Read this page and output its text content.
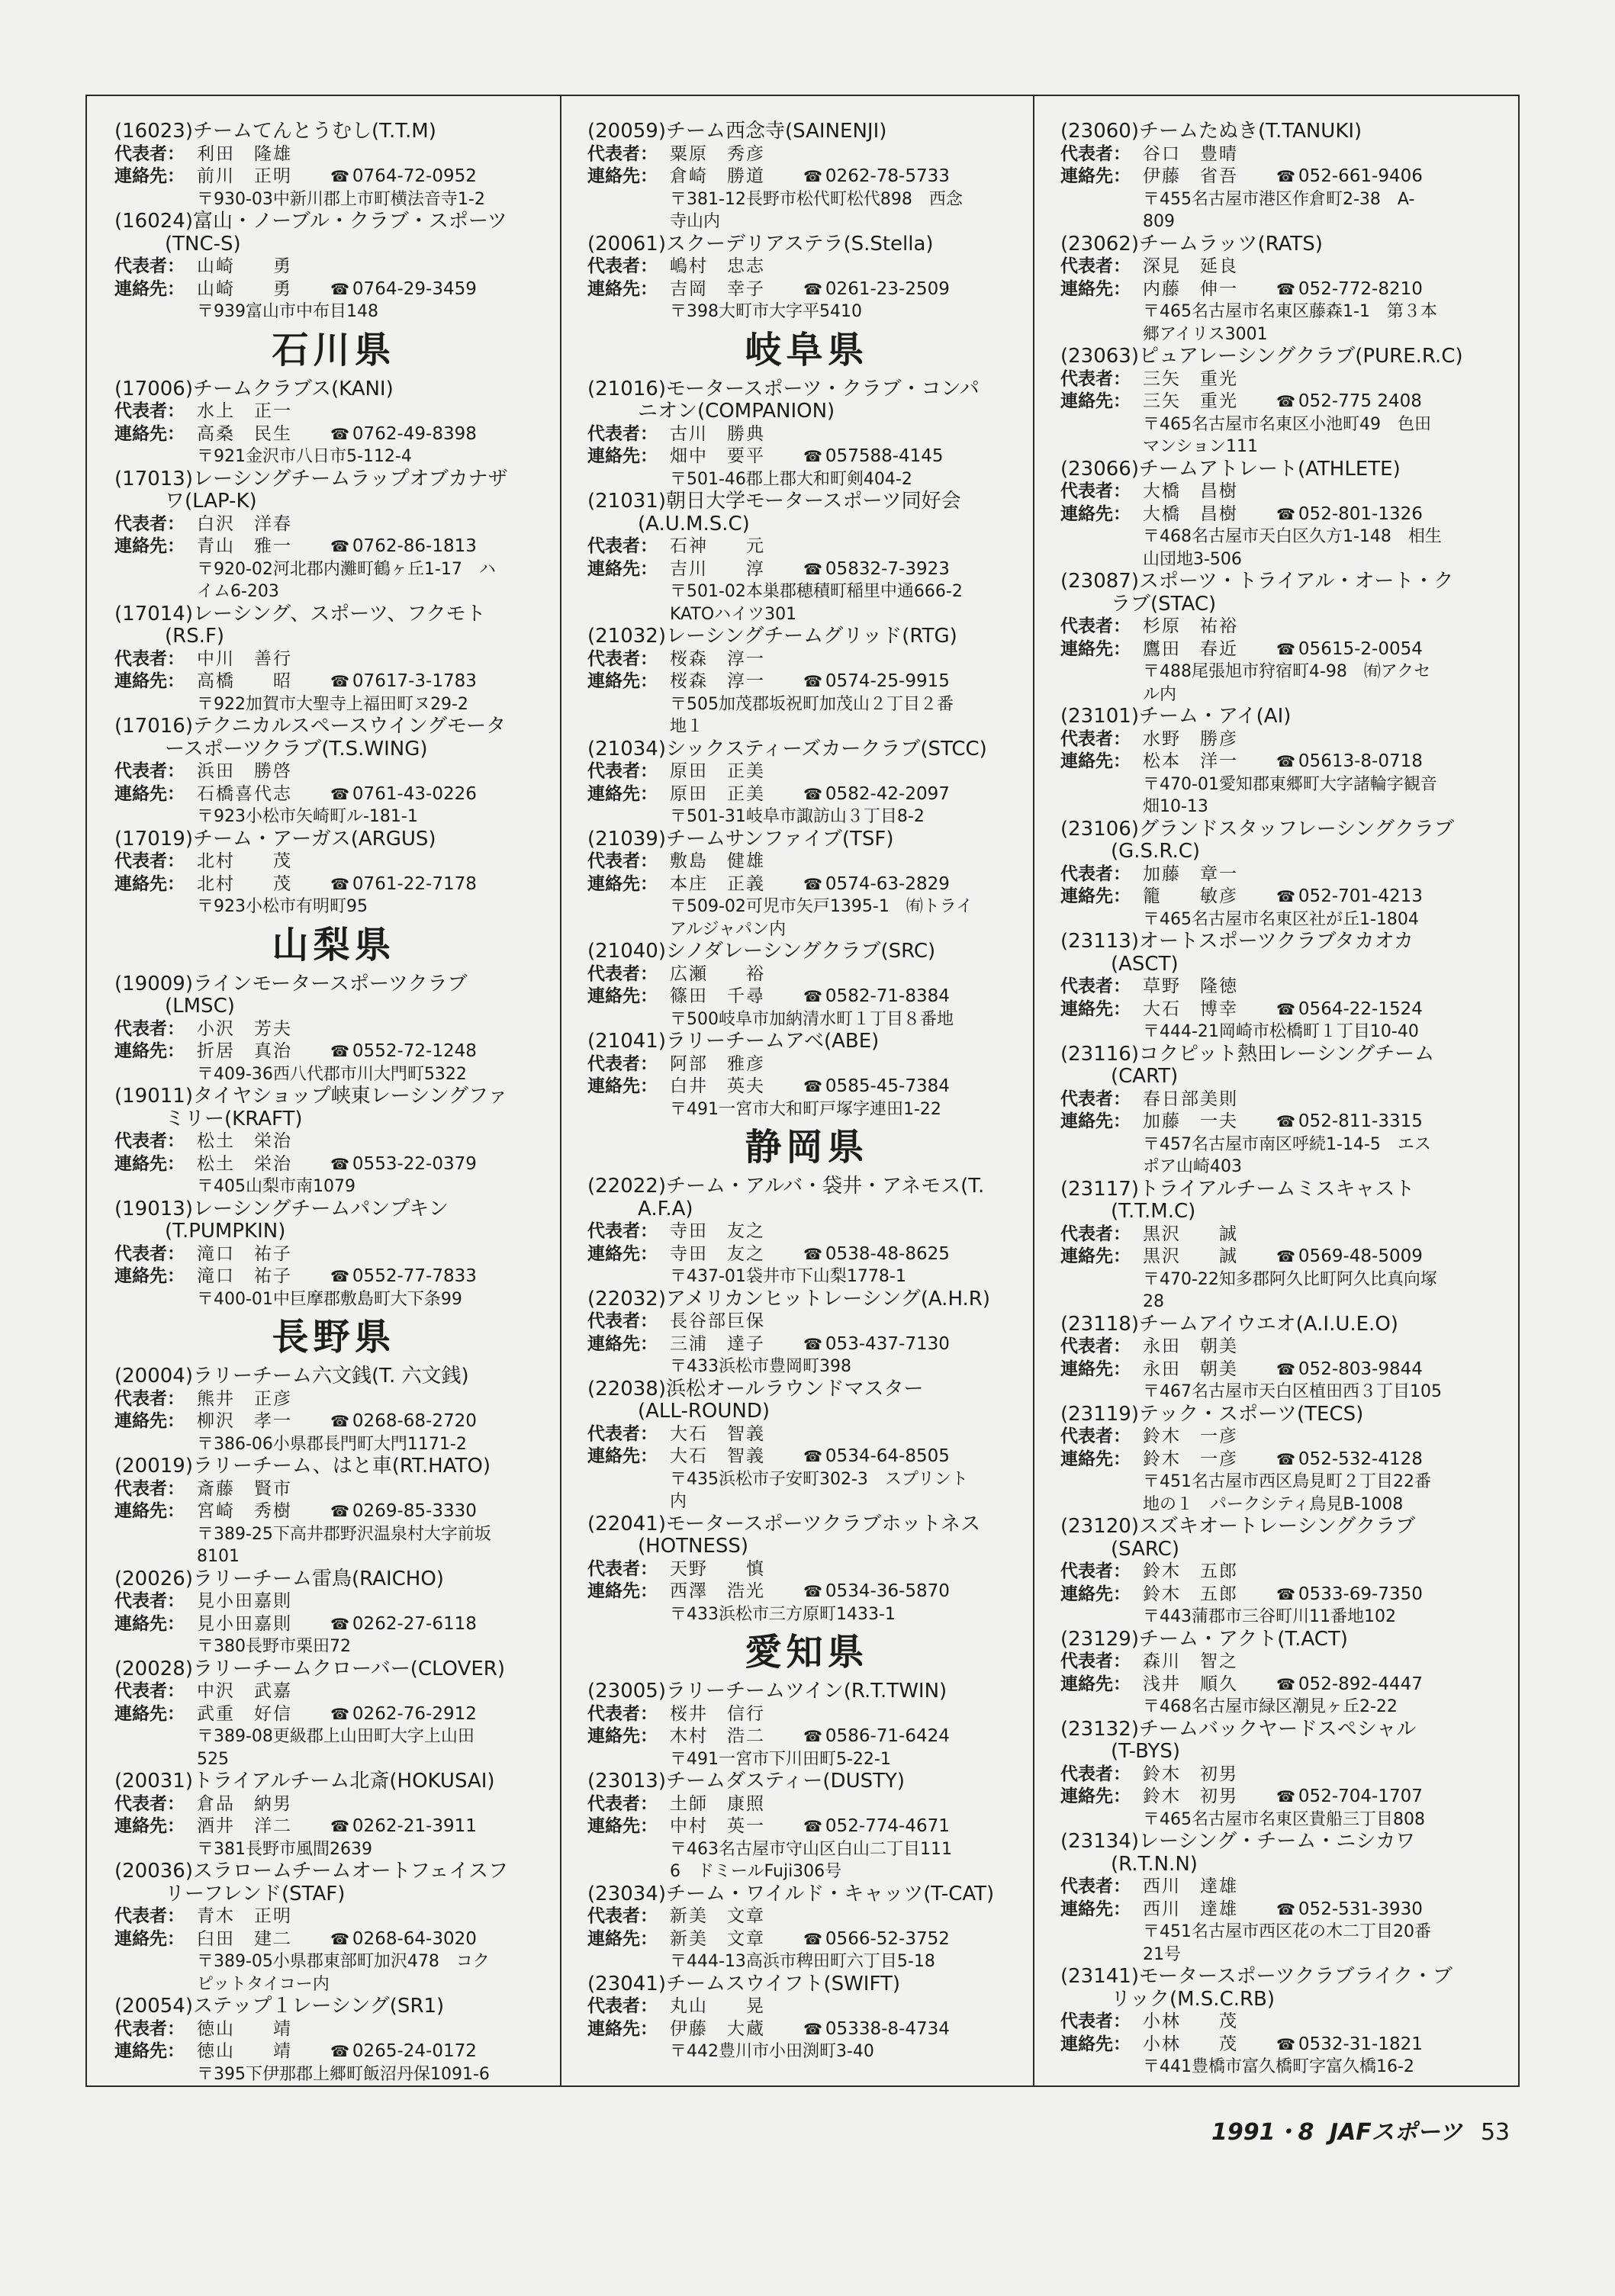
(16023)チームてんとうむし(T.T.M)
代表者： 利田　隆雄
連絡先： 前川　正明	☎ 0764-72-0952
〒930-03中新川郡上市町横法音寺1-2
(16024)富山・ノーブル・クラブ・スポーツ
(TNC-S)
代表者： 山崎　　勇
連絡先： 山崎　　勇	☎ 0764-29-3459
〒939富山市中布目148
石川県
(17006)チームクラブス(KANI)
代表者： 水上　正一
連絡先： 高桑　民生	☎ 0762-49-8398
〒921金沢市八日市5-112-4
(17013)レーシングチームラップオブカナザ
ワ(LAP-K)
代表者： 白沢　洋春
連絡先： 青山　雅一	☎ 0762-86-1813
〒920-02河北郡内灘町鶴ヶ丘1-17　ハ
イム6-203
(17014)レーシング、スポーツ、フクモト
(RS.F)
代表者： 中川　善行
連絡先： 高橋　　昭	☎ 07617-3-1783
〒922加賀市大聖寺上福田町ヌ29-2
(17016)テクニカルスペースウイングモータ
ースポーツクラブ(T.S.WING)
代表者： 浜田　勝啓
連絡先： 石橋喜代志	☎ 0761-43-0226
〒923小松市矢崎町ル-181-1
(17019)チーム・アーガス(ARGUS)
代表者： 北村　　茂
連絡先： 北村　　茂	☎ 0761-22-7178
〒923小松市有明町95
山梨県
(19009)ラインモータースポーツクラブ
(LMSC)
代表者： 小沢　芳夫
連絡先： 折居　真治	☎ 0552-72-1248
〒409-36西八代郡市川大門町5322
(19011)タイヤショップ峡東レーシングファ
ミリー(KRAFT)
代表者： 松土　栄治
連絡先： 松土　栄治	☎ 0553-22-0379
〒405山梨市南1079
(19013)レーシングチームパンプキン
(T.PUMPKIN)
代表者： 滝口　祐子
連絡先： 滝口　祐子	☎ 0552-77-7833
〒400-01中巨摩郡敷島町大下条99
長野県
(20004)ラリーチーム六文銭(T. 六文銭)
代表者： 熊井　正彦
連絡先： 柳沢　孝一	☎ 0268-68-2720
〒386-06小県郡長門町大門1171-2
(20019)ラリーチーム、はと車(RT.HATO)
代表者： 斎藤　賢市
連絡先： 宮崎　秀樹	☎ 0269-85-3330
〒389-25下高井郡野沢温泉村大字前坂
8101
(20026)ラリーチーム雷鳥(RAICHO)
代表者： 見小田嘉則
連絡先： 見小田嘉則	☎ 0262-27-6118
〒380長野市栗田72
(20028)ラリーチームクローバー(CLOVER)
代表者： 中沢　武嘉
連絡先： 武重　好信	☎ 0262-76-2912
〒389-08更級郡上山田町大字上山田
525
(20031)トライアルチーム北斎(HOKUSAI)
代表者： 倉品　納男
連絡先： 酒井　洋二	☎ 0262-21-3911
〒381長野市風間2639
(20036)スラロームチームオートフェイスフ
リーフレンド(STAF)
代表者： 青木　正明
連絡先： 臼田　建二	☎ 0268-64-3020
〒389-05小県郡東部町加沢478　コク
ピットタイコー内
(20054)ステップ１レーシング(SR1)
代表者： 徳山　　靖
連絡先： 徳山　　靖	☎ 0265-24-0172
〒395下伊那郡上郷町飯沼丹保1091-6
(20059)チーム西念寺(SAINENJI)
代表者： 粟原　秀彦
連絡先： 倉崎　勝道	☎ 0262-78-5733
〒381-12長野市松代町松代898　西念
寺山内
(20061)スクーデリアステラ(S.Stella)
代表者： 嶋村　忠志
連絡先： 吉岡　幸子	☎ 0261-23-2509
〒398大町市大字平5410
岐阜県
(21016)モータースポーツ・クラブ・コンパ
ニオン(COMPANION)
代表者： 古川　勝典
連絡先： 畑中　要平	☎ 057588-4145
〒501-46郡上郡大和町剣404-2
(21031)朝日大学モータースポーツ同好会
(A.U.M.S.C)
代表者： 石神　　元
連絡先： 吉川　　淳	☎ 05832-7-3923
〒501-02本巣郡穂積町稲里中通666-2
KATOハイツ301
(21032)レーシングチームグリッド(RTG)
代表者： 桜森　淳一
連絡先： 桜森　淳一	☎ 0574-25-9915
〒505加茂郡坂祝町加茂山２丁目２番
地１
(21034)シックスティーズカークラブ(STCC)
代表者： 原田　正美
連絡先： 原田　正美	☎ 0582-42-2097
〒501-31岐阜市諏訪山３丁目8-2
(21039)チームサンファイブ(TSF)
代表者： 敷島　健雄
連絡先： 本庄　正義	☎ 0574-63-2829
〒509-02可児市矢戸1395-1　㈲トライ
アルジャパン内
(21040)シノダレーシングクラブ(SRC)
代表者： 広瀬　　裕
連絡先： 篠田　千尋	☎ 0582-71-8384
〒500岐阜市加納清水町１丁目８番地
(21041)ラリーチームアベ(ABE)
代表者： 阿部　雅彦
連絡先： 白井　英夫	☎ 0585-45-7384
〒491一宮市大和町戸塚字連田1-22
静岡県
(22022)チーム・アルバ・袋井・アネモス(T.
A.F.A)
代表者： 寺田　友之
連絡先： 寺田　友之	☎ 0538-48-8625
〒437-01袋井市下山梨1778-1
(22032)アメリカンヒットレーシング(A.H.R)
代表者： 長谷部巨保
連絡先： 三浦　達子	☎ 053-437-7130
〒433浜松市豊岡町398
(22038)浜松オールラウンドマスター
(ALL-ROUND)
代表者： 大石　智義
連絡先： 大石　智義	☎ 0534-64-8505
〒435浜松市子安町302-3　スプリント
内
(22041)モータースポーツクラブホットネス
(HOTNESS)
代表者： 天野　　慎
連絡先： 西澤　浩光	☎ 0534-36-5870
〒433浜松市三方原町1433-1
愛知県
(23005)ラリーチームツイン(R.T.TWIN)
代表者： 桜井　信行
連絡先： 木村　浩二	☎ 0586-71-6424
〒491一宮市下川田町5-22-1
(23013)チームダスティー(DUSTY)
代表者： 土師　康照
連絡先： 中村　英一	☎ 052-774-4671
〒463名古屋市守山区白山二丁目111
6　ドミールFuji306号
(23034)チーム・ワイルド・キャッツ(T-CAT)
代表者： 新美　文章
連絡先： 新美　文章	☎ 0566-52-3752
〒444-13高浜市稗田町六丁目5-18
(23041)チームスウイフト(SWIFT)
代表者： 丸山　　晃
連絡先： 伊藤　大蔵	☎ 05338-8-4734
〒442豊川市小田渕町3-40
(23060)チームたぬき(T.TANUKI)
代表者： 谷口　豊晴
連絡先： 伊藤　省吾	☎ 052-661-9406
〒455名古屋市港区作倉町2-38　A-
809
(23062)チームラッツ(RATS)
代表者： 深見　延良
連絡先： 内藤　伸一	☎ 052-772-8210
〒465名古屋市名東区藤森1-1　第３本
郷アイリス3001
(23063)ピュアレーシングクラブ(PURE.R.C)
代表者： 三矢　重光
連絡先： 三矢　重光	☎ 052-775 2408
〒465名古屋市名東区小池町49　色田
マンション111
(23066)チームアトレート(ATHLETE)
代表者： 大橋　昌樹
連絡先： 大橋　昌樹	☎ 052-801-1326
〒468名古屋市天白区久方1-148　相生
山団地3-506
(23087)スポーツ・トライアル・オート・ク
ラブ(STAC)
代表者： 杉原　祐裕
連絡先： 鷹田　春近	☎ 05615-2-0054
〒488尾張旭市狩宿町4-98　㈲アクセ
ル内
(23101)チーム・アイ(AI)
代表者： 水野　勝彦
連絡先： 松本　洋一	☎ 05613-8-0718
〒470-01愛知郡東郷町大字諸輪字観音
畑10-13
(23106)グランドスタッフレーシングクラブ
(G.S.R.C)
代表者： 加藤　章一
連絡先： 籠　　敏彦	☎ 052-701-4213
〒465名古屋市名東区社が丘1-1804
(23113)オートスポーツクラブタカオカ
(ASCT)
代表者： 草野　隆徳
連絡先： 大石　博幸	☎ 0564-22-1524
〒444-21岡崎市松橋町１丁目10-40
(23116)コクピット熱田レーシングチーム
(CART)
代表者： 春日部美則
連絡先： 加藤　一夫	☎ 052-811-3315
〒457名古屋市南区呼続1-14-5　エス
ポア山崎403
(23117)トライアルチームミスキャスト
(T.T.M.C)
代表者： 黒沢　　誠
連絡先： 黒沢　　誠	☎ 0569-48-5009
〒470-22知多郡阿久比町阿久比真向塚
28
(23118)チームアイウエオ(A.I.U.E.O)
代表者： 永田　朝美
連絡先： 永田　朝美	☎ 052-803-9844
〒467名古屋市天白区植田西３丁目105
(23119)テック・スポーツ(TECS)
代表者： 鈴木　一彦
連絡先： 鈴木　一彦	☎ 052-532-4128
〒451名古屋市西区鳥見町２丁目22番
地の１　パークシティ鳥見B-1008
(23120)スズキオートレーシングクラブ
(SARC)
代表者： 鈴木　五郎
連絡先： 鈴木　五郎	☎ 0533-69-7350
〒443蒲郡市三谷町川11番地102
(23129)チーム・アクト(T.ACT)
代表者： 森川　智之
連絡先： 浅井　順久	☎ 052-892-4447
〒468名古屋市緑区潮見ヶ丘2-22
(23132)チームバックヤードスペシャル
(T-BYS)
代表者： 鈴木　初男
連絡先： 鈴木　初男	☎ 052-704-1707
〒465名古屋市名東区貴船三丁目808
(23134)レーシング・チーム・ニシカワ
(R.T.N.N)
代表者： 西川　達雄
連絡先： 西川　達雄	☎ 052-531-3930
〒451名古屋市西区花の木二丁目20番
21号
(23141)モータースポーツクラブライク・ブ
リック(M.S.C.RB)
代表者： 小林　　茂
連絡先： 小林　　茂	☎ 0532-31-1821
〒441豊橋市富久橋町字富久橋16-2
1991・8 JAFスポーツ 53
